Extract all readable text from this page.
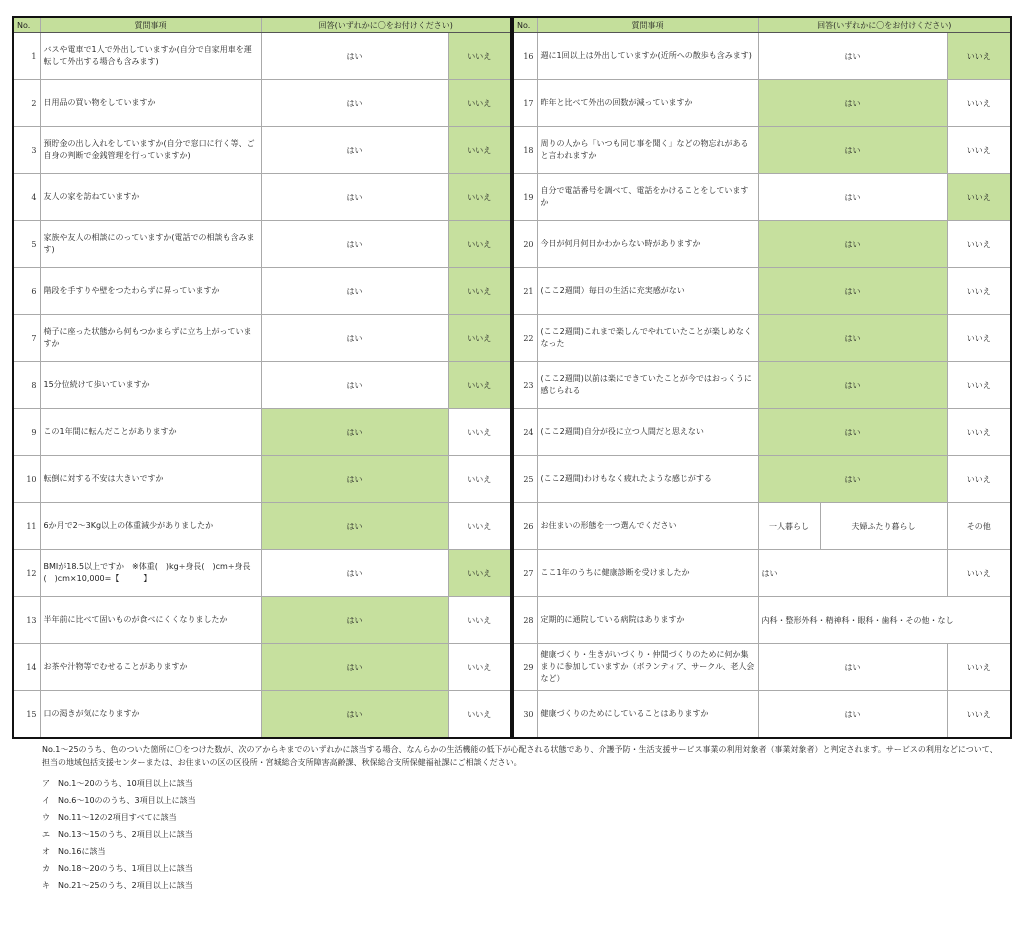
No.	質問事項	回答(いずれかに〇をお付けください)	
1	バスや電車で1人で外出していますか(自分で自家用車を運転して外出する場合も含みます)	はい	いいえ
2	日用品の買い物をしていますか	はい	いいえ
3	預貯金の出し入れをしていますか(自分で窓口に行く等、ご自身の判断で金銭管理を行っていますか)	はい	いいえ
4	友人の家を訪ねていますか	はい	いいえ
5	家族や友人の相談にのっていますか(電話での相談も含みます)	はい	いいえ
6	階段を手すりや壁をつたわらずに昇っていますか	はい	いいえ
7	椅子に座った状態から何もつかまらずに立ち上がっていますか	はい	いいえ
8	15分位続けて歩いていますか	はい	いいえ
9	この1年間に転んだことがありますか	はい	いいえ
10	転倒に対する不安は大きいですか	はい	いいえ
11	6か月で2～3Kg以上の体重減少がありましたか	はい	いいえ
12	BMIが18.5以上ですか　※体重(　)kg÷身長(　)cm÷身長(　)cm×10,000=【　　　】	はい	いいえ
13	半年前に比べて固いものが食べにくくなりましたか	はい	いいえ
14	お茶や汁物等でむせることがありますか	はい	いいえ
15	口の渇きが気になりますか	はい	いいえ
No.	質問事項	回答(いずれかに〇をお付けください)		
16	週に1回以上は外出していますか(近所への散歩も含みます)	はい		いいえ
17	昨年と比べて外出の回数が減っていますか	はい		いいえ
18	周りの人から「いつも同じ事を聞く」などの物忘れがあると言われますか	はい		いいえ
19	自分で電話番号を調べて、電話をかけることをしていますか	はい		いいえ
20	今日が何月何日かわからない時がありますか	はい		いいえ
21	(ここ2週間）毎日の生活に充実感がない	はい		いいえ
22	(ここ2週間)これまで楽しんでやれていたことが楽しめなくなった	はい		いいえ
23	(ここ2週間)以前は楽にできていたことが今ではおっくうに感じられる	はい		いいえ
24	(ここ2週間)自分が役に立つ人間だと思えない	はい		いいえ
25	(ここ2週間)わけもなく疲れたような感じがする	はい		いいえ
26	お住まいの形態を一つ選んでください	一人暮らし	夫婦ふたり暮らし	その他
27	ここ1年のうちに健康診断を受けましたか	はい		いいえ
28	定期的に通院している病院はありますか	内科・整形外科・精神科・眼科・歯科・その他・なし		
29	健康づくり・生きがいづくり・仲間づくりのために何か集まりに参加していますか（ボランティア、サークル、老人会など）	はい		いいえ
30	健康づくりのためにしていることはありますか	はい		いいえ
No.1～25のうち、色のついた箇所に〇をつけた数が、次のアからキまでのいずれかに該当する場合、なんらかの生活機能の低下が心配される状態であり、介護予防・生活支援サービス事業の利用対象者（事業対象者）と判定されます。サービスの利用などについて、担当の地域包括支援センターまたは、お住まいの区の区役所・宮城総合支所障害高齢課、秋保総合支所保健福祉課にご相談ください。
ア　No.1～20のうち、10項目以上に該当
イ　No.6～10ののうち、3項目以上に該当
ウ　No.11～12の2項目すべてに該当
エ　No.13～15のうち、2項目以上に該当
オ　No.16に該当
カ　No.18～20のうち、1項目以上に該当
キ　No.21～25のうち、2項目以上に該当
